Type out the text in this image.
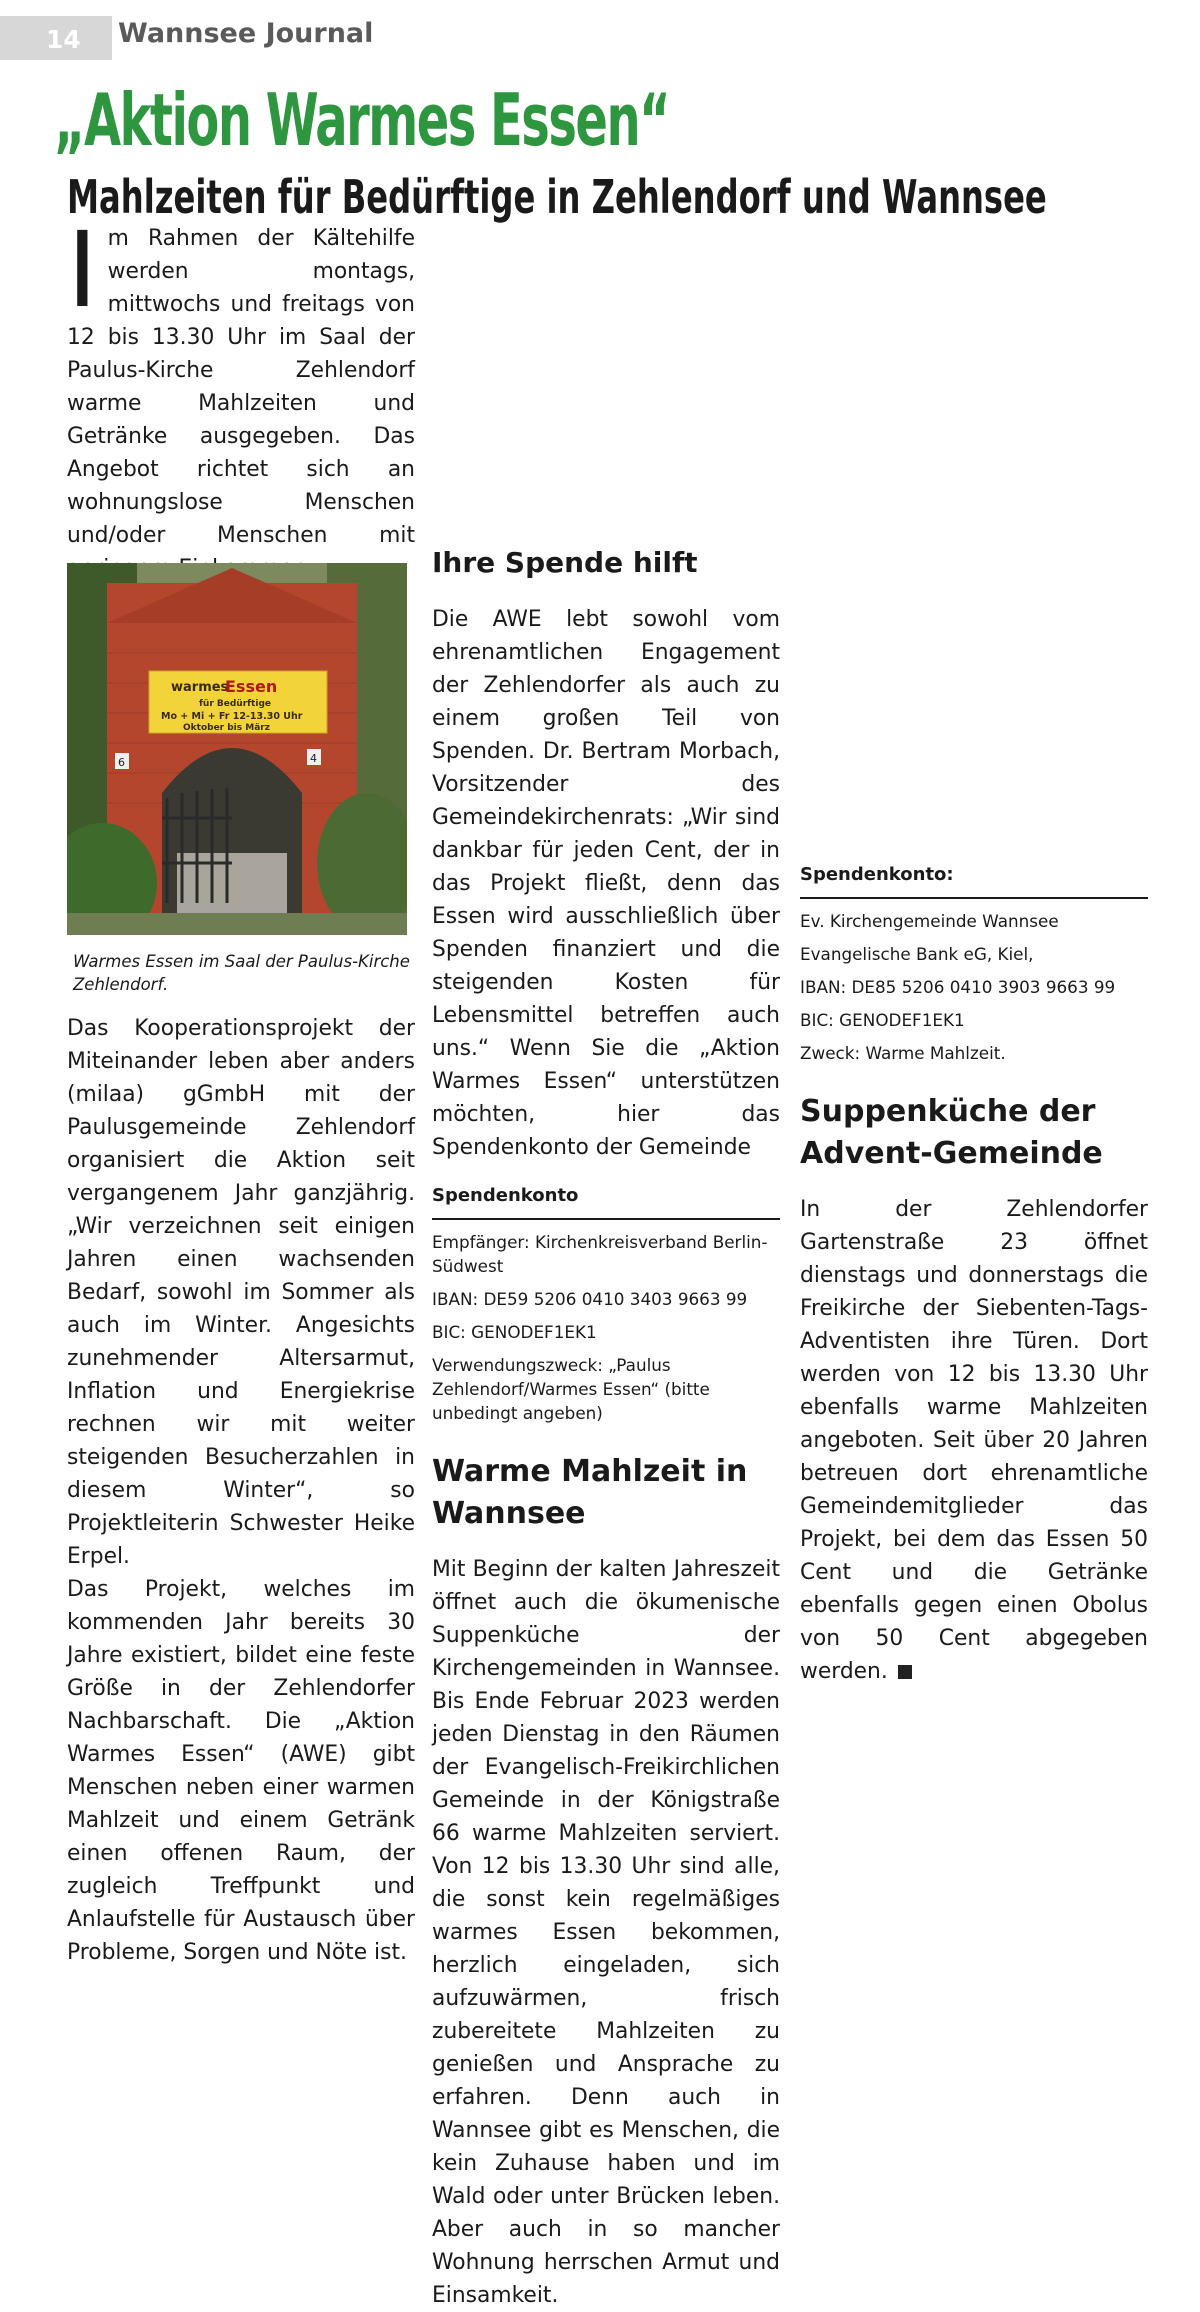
14 Wannsee Journal
„Aktion Warmes Essen“
Mahlzeiten für Bedürftige in Zehlendorf und Wannsee

Im Rahmen der Kältehilfe werden montags, mittwochs und freitags von 12 bis 13.30 Uhr im Saal der Paulus-Kirche Zehlendorf warme Mahlzeiten und Getränke ausgegeben. Das Angebot richtet sich an wohnungslose Menschen und/oder Menschen mit

warmes
Essen
für Bedürftige
Mo + Mi + Fr 12-13.30 Uhr
Oktober bis März
6	4
Warmes Essen im Saal der Paulus-Kirche Zehlendorf.

Das Kooperationsprojekt der Miteinander leben aber anders (milaa) gGmbH mit der Paulusgemeinde Zehlendorf organisiert die Aktion seit vergangenem Jahr ganzjährig. „Wir verzeichnen seit einigen Jahren einen wachsenden Bedarf, sowohl im Sommer als auch im Winter. Angesichts zunehmender Altersarmut, Inflation und Energiekrise rechnen wir mit weiter steigenden Besucherzahlen in diesem Winter“, so Projektleiterin Schwester Heike Erpel.

Das Projekt, welches im kommenden Jahr bereits 30 Jahre existiert, bildet eine feste Größe in der Zehlendorfer Nachbarschaft. Die „Aktion Warmes Essen“ (AWE) gibt Menschen neben einer warmen Mahlzeit und einem Getränk einen offenen Raum, der zugleich Treffpunkt und Anlaufstelle für Austausch über Probleme, Sorgen und Nöte ist.

Ihre Spende hilft

Die AWE lebt sowohl vom ehrenamtlichen Engagement der Zehlendorfer als auch zu einem großen Teil von Spenden. Dr. Bertram Morbach, Vorsitzender des Gemeindekirchenrats: „Wir sind dankbar für jeden Cent, der in das Projekt fließt, denn das Essen wird ausschließlich über Spenden finanziert und die steigenden Kosten für Lebensmittel betreffen auch uns.“ Wenn Sie die „Aktion Warmes Essen“ unterstützen möchten, hier das Spendenkonto der Gemeinde

Spendenkonto
Empfänger: Kirchenkreisverband Berlin-Südwest
IBAN: DE59 5206 0410 3403 9663 99
BIC: GENODEF1EK1
Verwendungszweck: „Paulus Zehlendorf/Warmes Essen“ (bitte unbedingt angeben)
Warme Mahlzeit in Wannsee

Mit Beginn der kalten Jahreszeit öffnet auch die ökumenische Suppenküche der Kirchengemeinden in Wannsee. Bis Ende Februar 2023 werden jeden Dienstag in den Räumen der Evangelisch-Freikirchlichen Gemeinde in der Königstraße 66 warme Mahlzeiten serviert. Von 12 bis 13.30 Uhr sind alle, die sonst kein regelmäßiges warmes Essen bekommen, herzlich eingeladen, sich aufzuwärmen, frisch zubereitete Mahlzeiten zu genießen und Ansprache zu erfahren. Denn auch in Wannsee gibt es Menschen, die kein Zuhause haben und im Wald oder unter Brücken leben. Aber auch in so mancher Wohnung herrschen Armut und Einsamkeit.

Spendenkonto:
Ev. Kirchengemeinde Wannsee
Evangelische Bank eG, Kiel,
IBAN: DE85 5206 0410 3903 9663 99
BIC: GENODEF1EK1
Zweck: Warme Mahlzeit.
Suppenküche der Advent-Gemeinde

In der Zehlendorfer Gartenstraße 23 öffnet dienstags und donnerstags die Freikirche der Siebenten-Tags-Adventisten ihre Türen. Dort werden von 12 bis 13.30 Uhr ebenfalls warme Mahlzeiten angeboten. Seit über 20 Jahren betreuen dort ehrenamtliche Gemeindemitglieder das Projekt, bei dem das Essen 50 Cent und die Getränke ebenfalls gegen einen Obolus von 50 Cent abgegeben werden.
